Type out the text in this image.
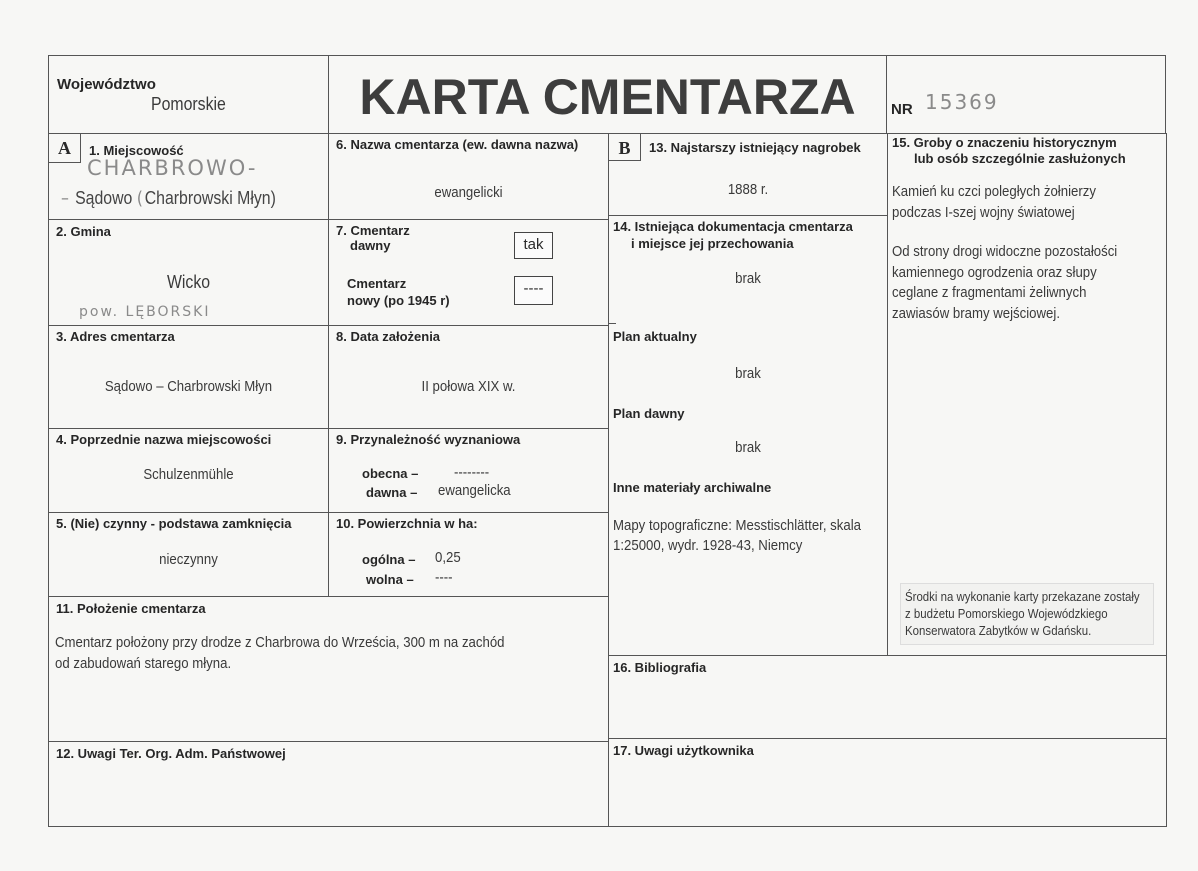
Województwo
Pomorskie	KARTA CMENTARZA	NR 15369
A	1. Miejscowość
CHARBROWO-
– Sądowo (Charbrowski Młyn)
2. Gmina
Wicko
pow. LĘBORSKI
3. Adres cmentarza
Sądowo – Charbrowski Młyn
4. Poprzednie nazwa miejscowości
Schulzenmühle
5. (Nie) czynny - podstawa zamknięcia
nieczynny
6. Nazwa cmentarza (ew. dawna nazwa)
ewangelicki
7. Cmentarz
dawny	tak
Cmentarz
nowy (po 1945 r)
----
8. Data założenia
II połowa XIX w.
9. Przynależność wyznaniowa
obecna – --------
dawna – ewangelicka
10. Powierzchnia w ha:
ogólna – 0,25
wolna – ----
11. Położenie cmentarza
Cmentarz położony przy drodze z Charbrowa do Wrześcia, 300 m na zachód
od zabudowań starego młyna.
12. Uwagi Ter. Org. Adm. Państwowej
B	13. Najstarszy istniejący nagrobek
1888 r.
14. Istniejąca dokumentacja cmentarza
i miejsce jej przechowania
brak
Plan aktualny
brak
Plan dawny
brak
Inne materiały archiwalne
Mapy topograficzne: Messtischlätter, skala
1:25000, wydr. 1928-43, Niemcy
15. Groby o znaczeniu historycznym
lub osób szczególnie zasłużonych
Kamień ku czci poległych żołnierzy
podczas I-szej wojny światowej
Od strony drogi widoczne pozostałości
kamiennego ogrodzenia oraz słupy
ceglane z fragmentami żeliwnych
zawiasów bramy wejściowej.
Środki na wykonanie karty przekazane zostały
z budżetu Pomorskiego Wojewódzkiego
Konserwatora Zabytków w Gdańsku.
16. Bibliografia
17. Uwagi użytkownika
